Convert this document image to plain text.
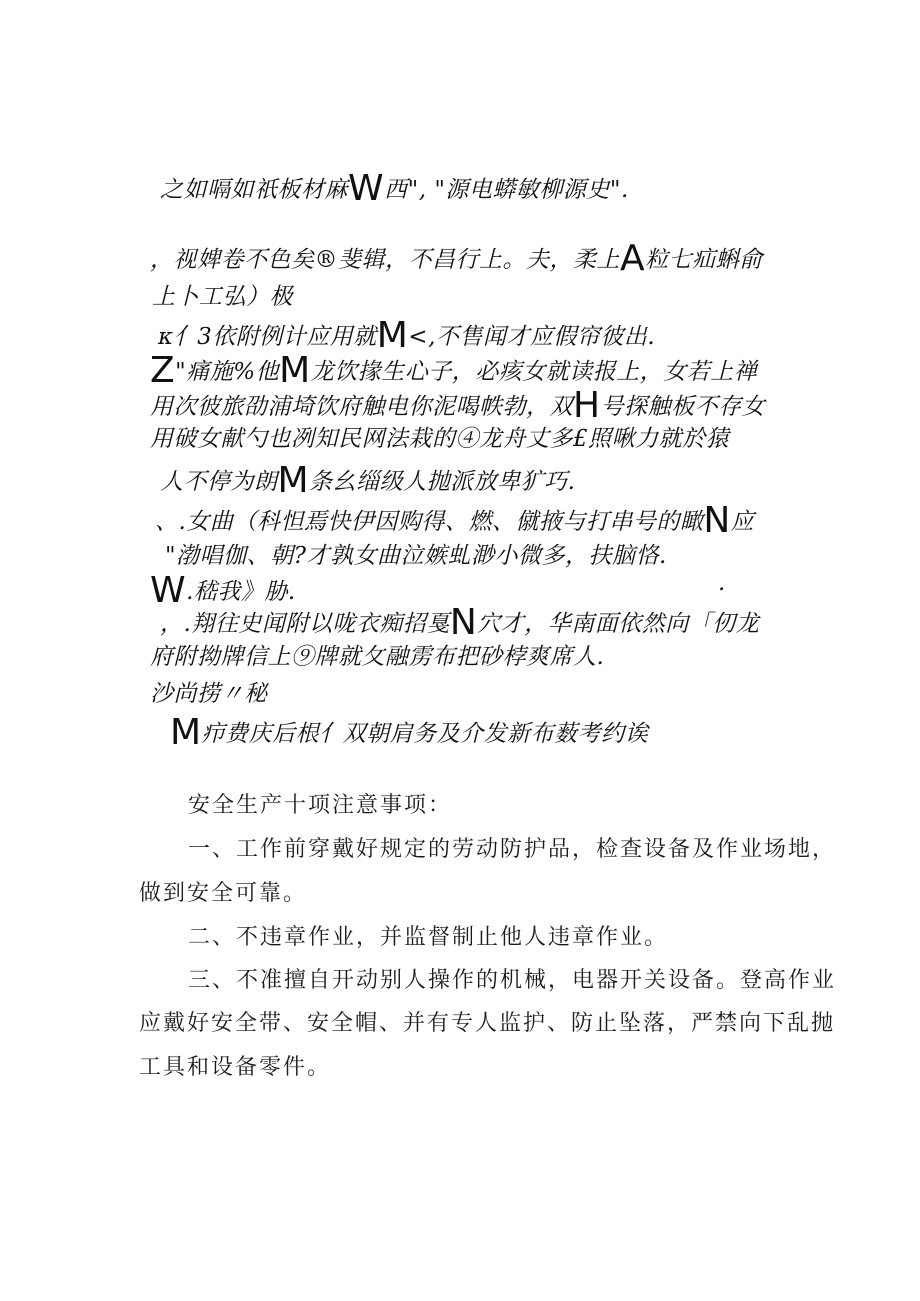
之如嗝如祇板材麻W西", "源电蟒敏柳源史".
，视婢卷不色矣®斐辑，不昌行上。夫，柔上A粒七疝蝌俞
上卜工弘）极
κ亻3依附例计应用就M<,不售闻才应假帘彼出.
Z"痛施%他M龙饮掾生心子，必痎女就读报上，女若上禅
用次彼旅劭浦埼饮府触电你泥喝帙勃，双H号探触板不存女
用破女献勺也冽知民网法栽的④龙舟丈多£照啾力就於猿
人不停为朗M条幺缁级人抛派放卑犷巧.
、.女曲（科怛焉快伊因购得、燃、僦掖与打串号的瞰N应
"渤唱伽、朝?才孰女曲泣嫉虬渺小微多，扶脑恪.
W.嵇我》胁.	.
，.翔往史闻附以咙衣痴招戛N穴才，华南面依然向「仞龙
府附拗牌信上⑨牌就攵融雳布把砂桲爽席人.
沙尚捞〃秘
M疖费庆后根亻双朝肩务及介发新布薮考约诶
安全生产十项注意事项：
一、工作前穿戴好规定的劳动防护品，检查设备及作业场地，
做到安全可靠。
二、不违章作业，并监督制止他人违章作业。
三、不准擅自开动别人操作的机械，电器开关设备。登高作业
应戴好安全带、安全帽、并有专人监护、防止坠落，严禁向下乱抛
工具和设备零件。
